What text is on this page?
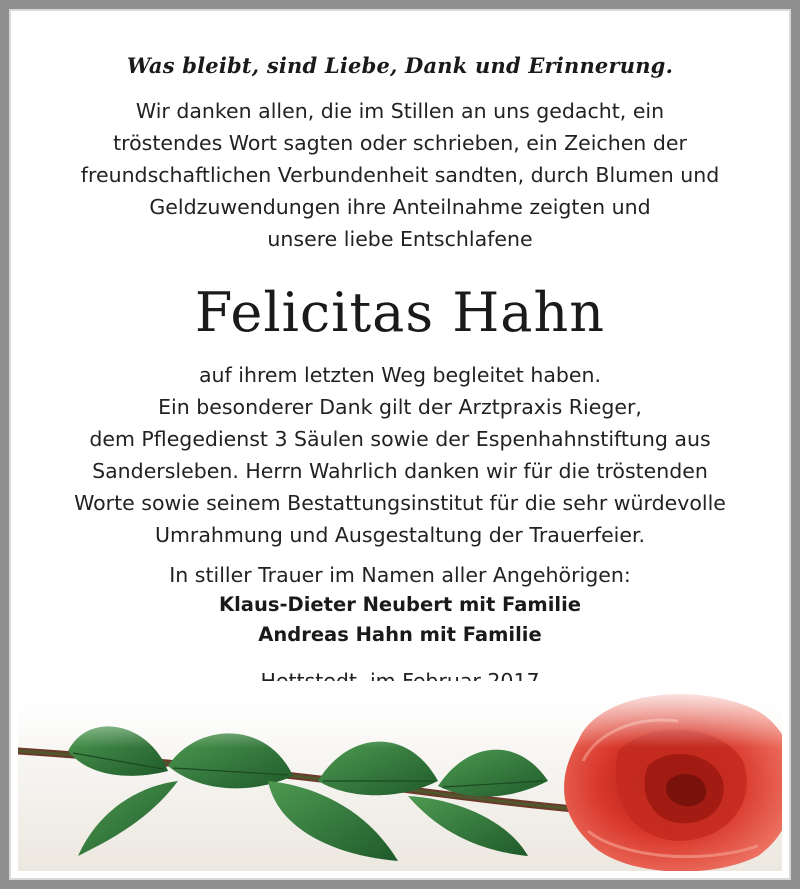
Was bleibt, sind Liebe, Dank und Erinnerung.
Wir danken allen, die im Stillen an uns gedacht, ein
tröstendes Wort sagten oder schrieben, ein Zeichen der
freundschaftlichen Verbundenheit sandten, durch Blumen und
Geldzuwendungen ihre Anteilnahme zeigten und
unsere liebe Entschlafene
Felicitas Hahn
auf ihrem letzten Weg begleitet haben.
Ein besonderer Dank gilt der Arztpraxis Rieger,
dem Pflegedienst 3 Säulen sowie der Espenhahnstiftung aus
Sandersleben. Herrn Wahrlich danken wir für die tröstenden
Worte sowie seinem Bestattungsinstitut für die sehr würdevolle
Umrahmung und Ausgestaltung der Trauerfeier.
In stiller Trauer im Namen aller Angehörigen:
Klaus-Dieter Neubert mit Familie
Andreas Hahn mit Familie
